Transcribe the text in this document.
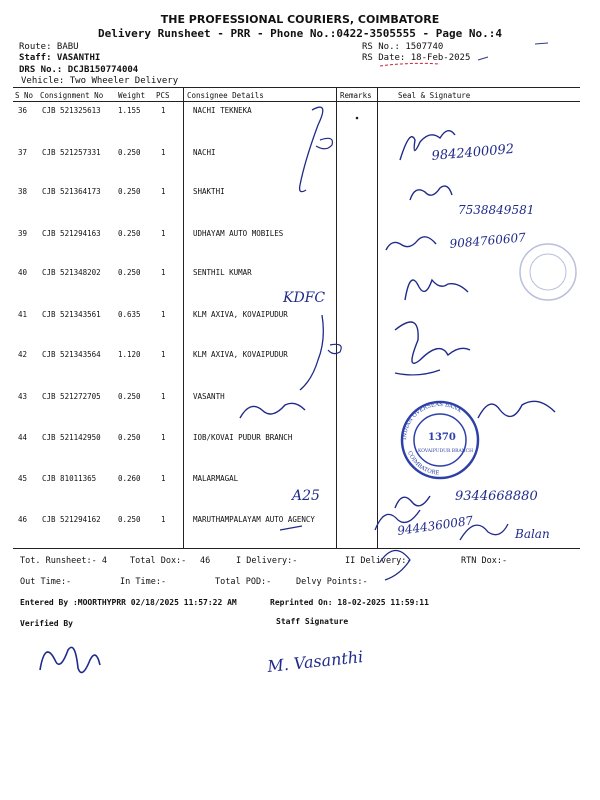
THE PROFESSIONAL COURIERS, COIMBATORE
Delivery Runsheet - PRR - Phone No.:0422-3505555 - Page No.:4
Route: BABU
Staff: VASANTHI
DRS No.: DCJB150774004
Vehicle: Two Wheeler Delivery
RS No.: 1507740
RS Date: 18-Feb-2025
S No Consignment No Weight PCS Consignee Details	Remarks	Seal & Signature
36 CJB 521325613 1.155	1	NACHI TEKNEKA
37 CJB 521257331 0.250	1	NACHI
38 CJB 521364173 0.250	1	SHAKTHI
39 CJB 521294163 0.250	1	UDHAYAM AUTO MOBILES
40 CJB 521348202 0.250	1	SENTHIL KUMAR
41 CJB 521343561 0.635	1	KLM AXIVA, KOVAIPUDUR
42 CJB 521343564 1.120	1	KLM AXIVA, KOVAIPUDUR
43 CJB 521272705 0.250	1	VASANTH
44 CJB 521142950 0.250	1	IOB/KOVAI PUDUR BRANCH
45 CJB 81011365	0.260	1	MALARMAGAL
46 CJB 521294162 0.250	1	MARUTHAMPALAYAM AUTO AGENCY
Tot. Runsheet:- 4	Total Dox:- 46	I Delivery:-	II Delivery:-	RTN Dox:-
Out Time:-	In Time:-	Total POD:-	Delvy Points:-
Entered By :MOORTHYPRR 02/18/2025 11:57:22 AM	Reprinted On: 18-02-2025 11:59:11
Verified By	Staff Signature
9842400092
7538849581
9084760607
KDFC
A25	9344668880
9444360087	Balan
M. Vasanthi
1370
KOVAIPUDUR BRANCH
INDIAN OVERSEAS BANK
COIMBATORE
